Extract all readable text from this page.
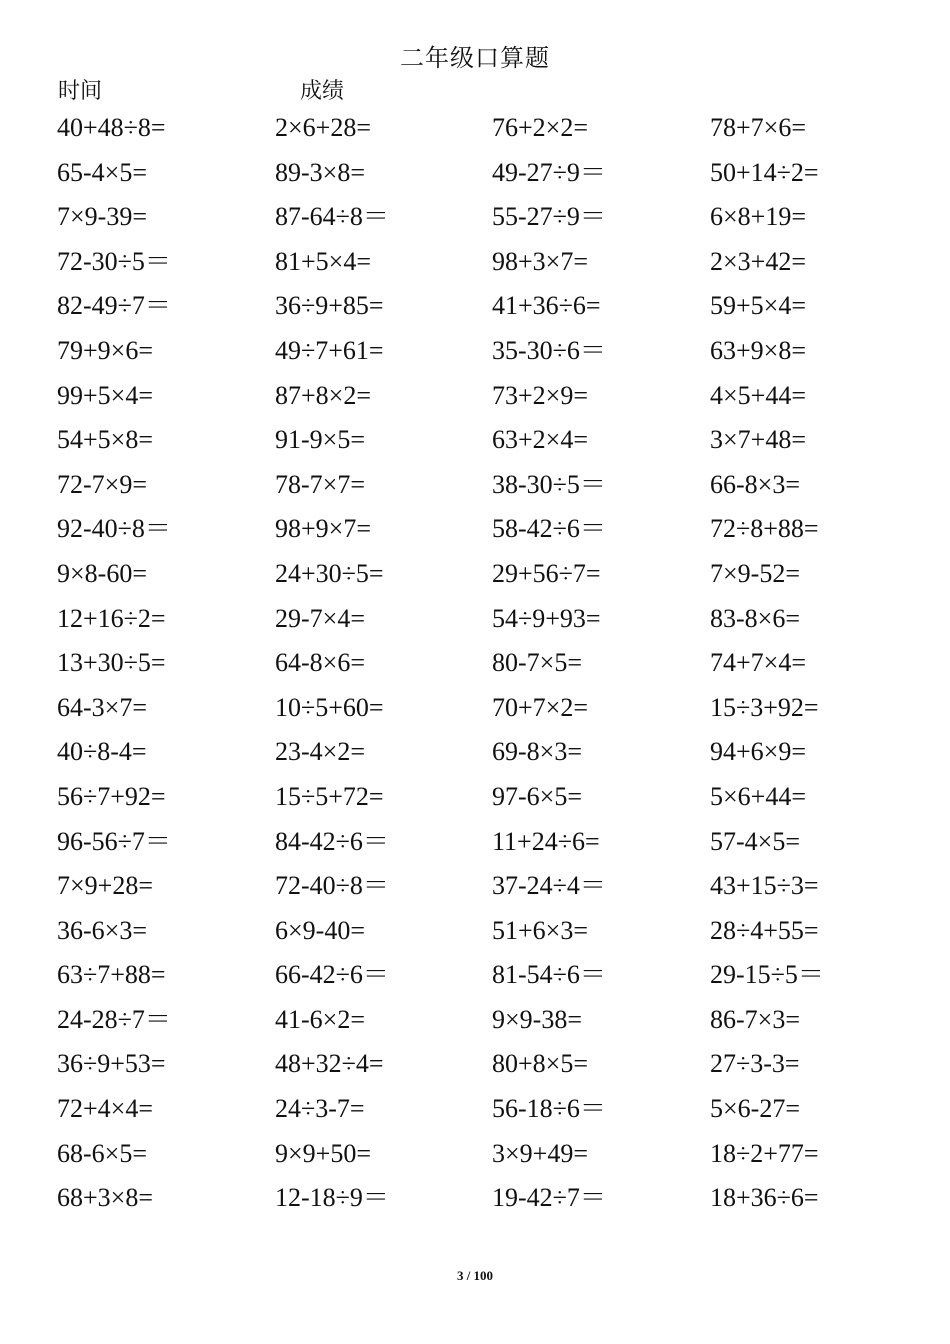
二年级口算题
时间	成绩
40+48÷8=	2×6+28=	76+2×2=	78+7×6=
65-4×5=	89-3×8=	49-27÷9＝	50+14÷2=
7×9-39=	87-64÷8＝	55-27÷9＝	6×8+19=
72-30÷5＝	81+5×4=	98+3×7=	2×3+42=
82-49÷7＝	36÷9+85=	41+36÷6=	59+5×4=
79+9×6=	49÷7+61=	35-30÷6＝	63+9×8=
99+5×4=	87+8×2=	73+2×9=	4×5+44=
54+5×8=	91-9×5=	63+2×4=	3×7+48=
72-7×9=	78-7×7=	38-30÷5＝	66-8×3=
92-40÷8＝	98+9×7=	58-42÷6＝	72÷8+88=
9×8-60=	24+30÷5=	29+56÷7=	7×9-52=
12+16÷2=	29-7×4=	54÷9+93=	83-8×6=
13+30÷5=	64-8×6=	80-7×5=	74+7×4=
64-3×7=	10÷5+60=	70+7×2=	15÷3+92=
40÷8-4=	23-4×2=	69-8×3=	94+6×9=
56÷7+92=	15÷5+72=	97-6×5=	5×6+44=
96-56÷7＝	84-42÷6＝	11+24÷6=	57-4×5=
7×9+28=	72-40÷8＝	37-24÷4＝	43+15÷3=
36-6×3=	6×9-40=	51+6×3=	28÷4+55=
63÷7+88=	66-42÷6＝	81-54÷6＝	29-15÷5＝
24-28÷7＝	41-6×2=	9×9-38=	86-7×3=
36÷9+53=	48+32÷4=	80+8×5=	27÷3-3=
72+4×4=	24÷3-7=	56-18÷6＝	5×6-27=
68-6×5=	9×9+50=	3×9+49=	18÷2+77=
68+3×8=	12-18÷9＝	19-42÷7＝	18+36÷6=
3 / 100
